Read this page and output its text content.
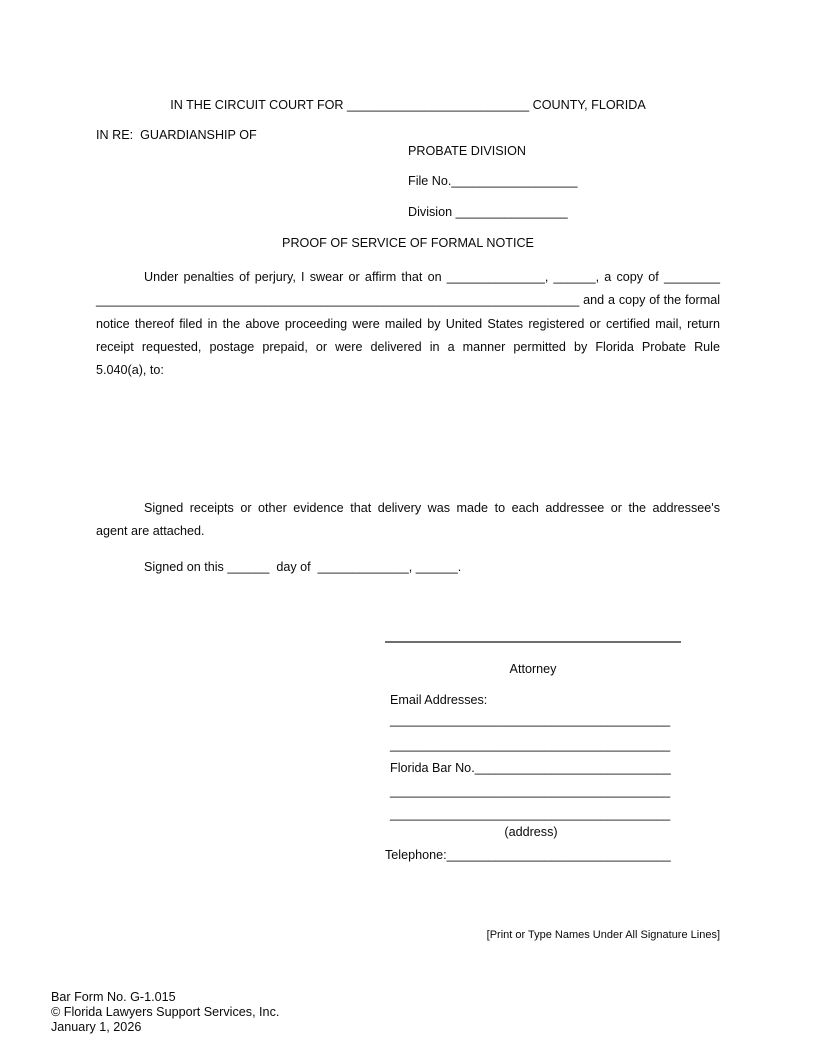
IN THE CIRCUIT COURT FOR __________________________ COUNTY, FLORIDA
IN RE:  GUARDIANSHIP OF
PROBATE DIVISION
File No.__________________
Division ________________
PROOF OF SERVICE OF FORMAL NOTICE
Under penalties of perjury, I swear or affirm that on ______________, ______, a copy of ________
_____________________________________________________________________ and a copy of the formal
notice thereof filed in the above proceeding were mailed by United States registered or certified mail, return
receipt requested, postage prepaid, or were delivered in a manner permitted by Florida Probate Rule
5.040(a), to:
Signed receipts or other evidence that delivery was made to each addressee or the addressee's
agent are attached.
Signed on this ______  day of  _____________, ______.
Attorney
Email Addresses:
________________________________________
________________________________________
Florida Bar No.____________________________
________________________________________
________________________________________
(address)
Telephone:________________________________
[Print or Type Names Under All Signature Lines]
Bar Form No. G-1.015
© Florida Lawyers Support Services, Inc.
January 1, 2026
